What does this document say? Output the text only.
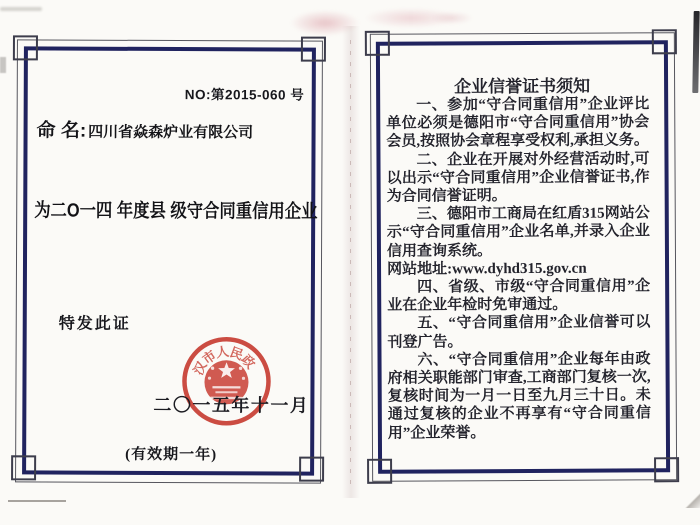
NO:第2015-060 号
命 名: 四川省焱森炉业有限公司
为二O一四 年度县 级守合同重信用企业
特发此证
汉
市
人
民
政
二〇一五年十一月
(有效期一年)
企业信誉证书须知

一、参加“守合同重信用”企业评比单位必须是德阳市“守合同重信用”协会会员,按照协会章程享受权利,承担义务。

二、企业在开展对外经营活动时,可以出示“守合同重信用”企业信誉证书,作为合同信誉证明。

三、德阳市工商局在红盾315网站公示“守合同重信用”企业名单,并录入企业信用查询系统。

网站地址:www.dyhd315.gov.cn

四、省级、市级“守合同重信用”企业在企业年检时免审通过。

五、“守合同重信用”企业信誉可以刊登广告。

六、“守合同重信用”企业每年由政府相关职能部门审查,工商部门复核一次,复核时间为一月一日至九月三十日。未通过复核的企业不再享有“守合同重信用”企业荣誉。
